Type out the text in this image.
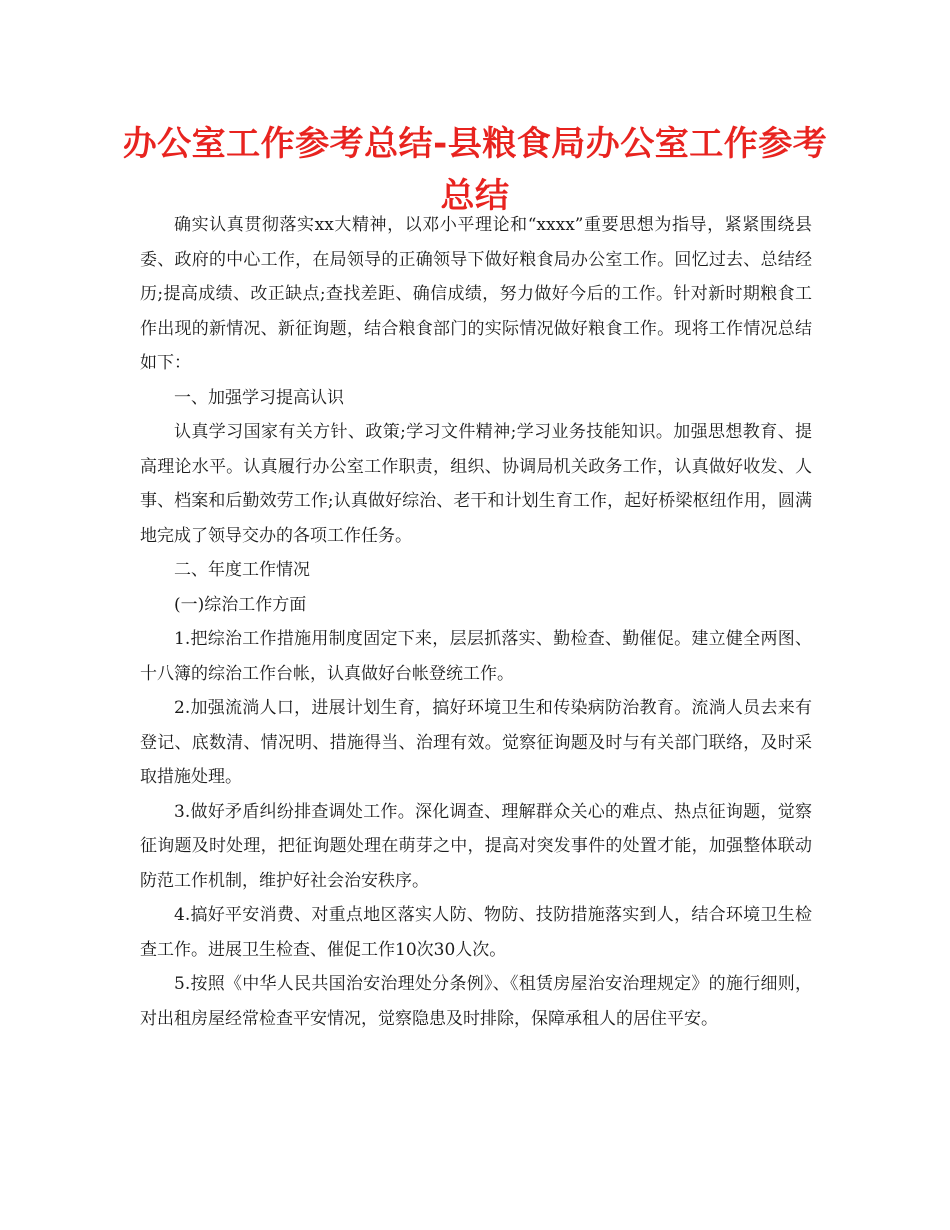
办公室工作参考总结-县粮食局办公室工作参考总结

确实认真贯彻落实xx大精神，以邓小平理论和“xxxx”重要思想为指导，紧紧围绕县委、政府的中心工作，在局领导的正确领导下做好粮食局办公室工作。回忆过去、总结经历;提高成绩、改正缺点;查找差距、确信成绩，努力做好今后的工作。针对新时期粮食工作出现的新情况、新征询题，结合粮食部门的实际情况做好粮食工作。现将工作情况总结如下：

一、加强学习提高认识

认真学习国家有关方针、政策;学习文件精神;学习业务技能知识。加强思想教育、提高理论水平。认真履行办公室工作职责，组织、协调局机关政务工作，认真做好收发、人事、档案和后勤效劳工作;认真做好综治、老干和计划生育工作，起好桥梁枢纽作用，圆满地完成了领导交办的各项工作任务。

二、年度工作情况

(一)综治工作方面

1.把综治工作措施用制度固定下来，层层抓落实、勤检查、勤催促。建立健全两图、十八簿的综治工作台帐，认真做好台帐登统工作。

2.加强流淌人口，进展计划生育，搞好环境卫生和传染病防治教育。流淌人员去来有登记、底数清、情况明、措施得当、治理有效。觉察征询题及时与有关部门联络，及时采取措施处理。

3.做好矛盾纠纷排查调处工作。深化调查、理解群众关心的难点、热点征询题，觉察征询题及时处理，把征询题处理在萌芽之中，提高对突发事件的处置才能，加强整体联动防范工作机制，维护好社会治安秩序。

4.搞好平安消费、对重点地区落实人防、物防、技防措施落实到人，结合环境卫生检查工作。进展卫生检查、催促工作10次30人次。

5.按照《中华人民共国治安治理处分条例》、《租赁房屋治安治理规定》的施行细则，对出租房屋经常检查平安情况，觉察隐患及时排除，保障承租人的居住平安。
